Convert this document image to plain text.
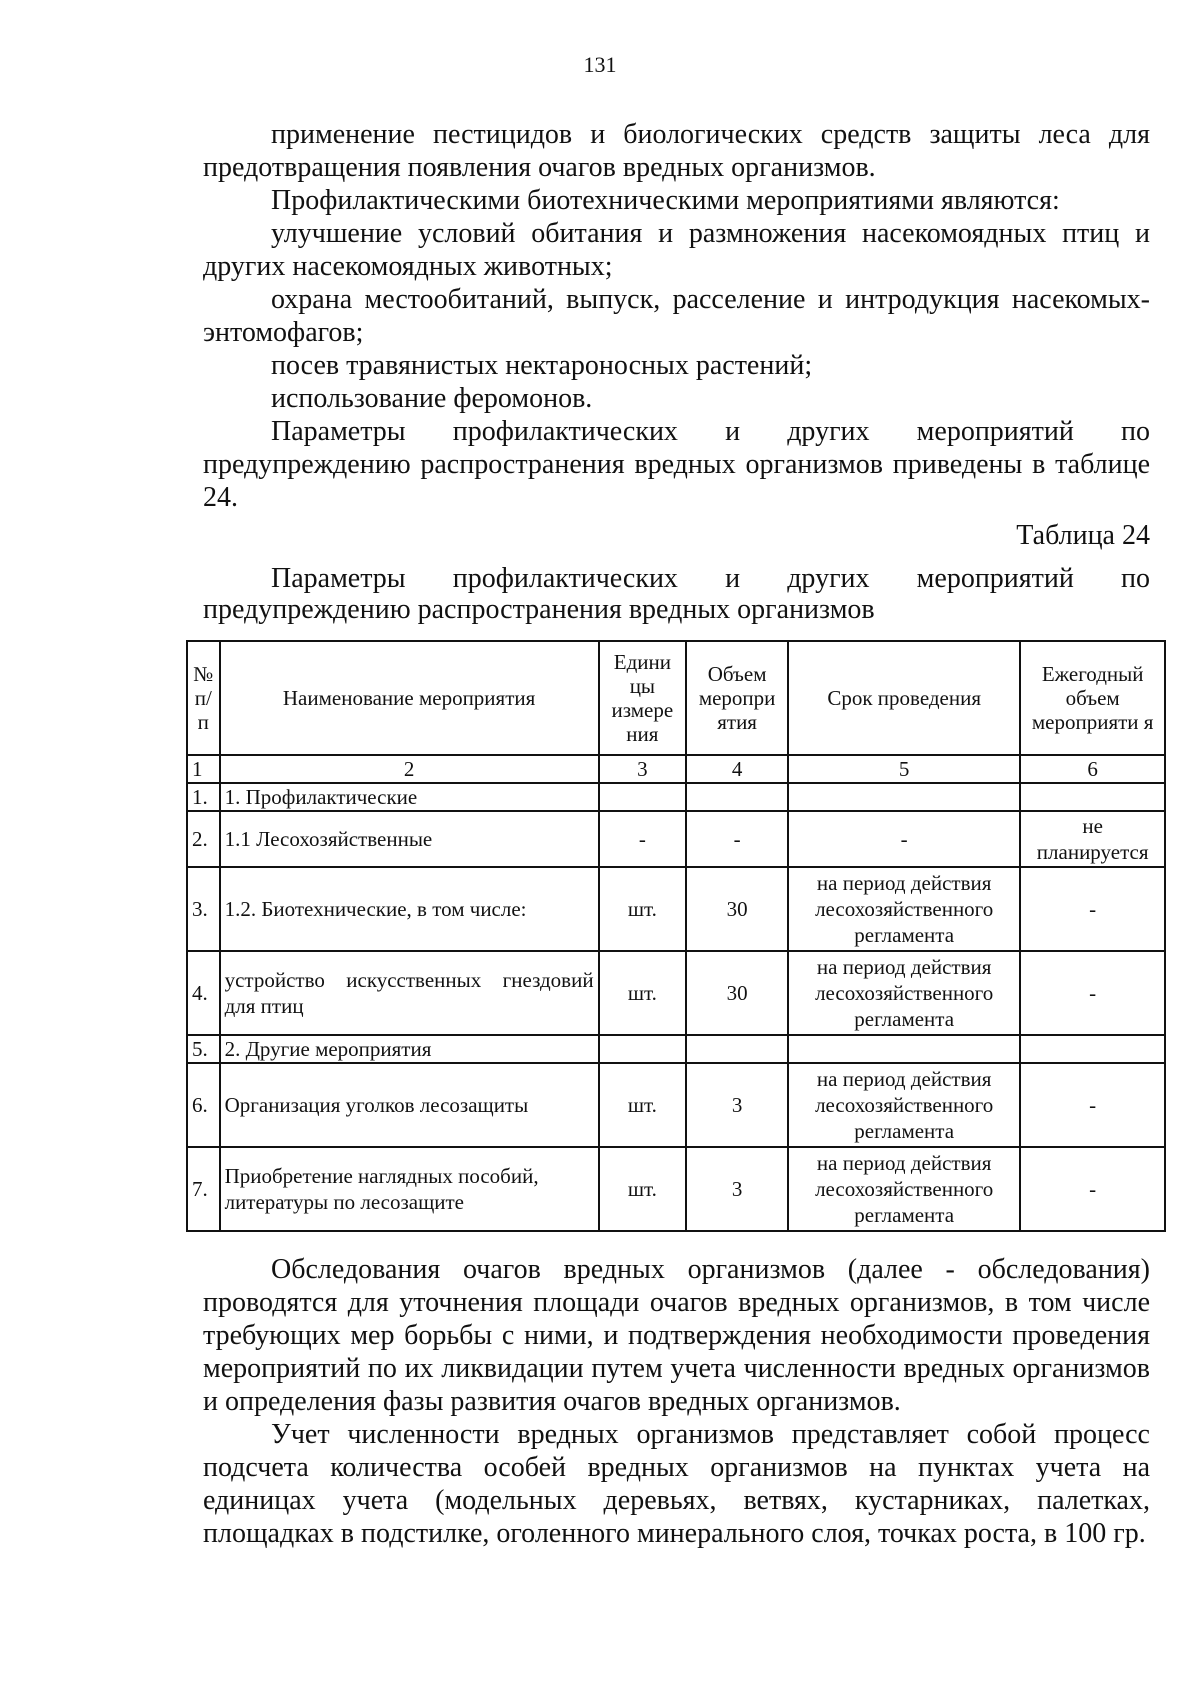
131

применение пестицидов и биологических средств защиты леса для предотвращения появления очагов вредных организмов.

Профилактическими биотехническими мероприятиями являются:

улучшение условий обитания и размножения насекомоядных птиц и других насекомоядных животных;

охрана местообитаний, выпуск, расселение и интродукция насекомых-энтомофагов;

посев травянистых нектароносных растений;

использование феромонов.

Параметры профилактических и других мероприятий по предупреждению распространения вредных организмов приведены в таблице 24.

Таблица 24

Параметры профилактических и других мероприятий по предупреждению распространения вредных организмов

№ п/п	Наименование мероприятия	Едини цы измере ния	Объем меропри ятия	Срок проведения	Ежегодный объем мероприяти я
1	2	3	4	5	6
1.	1. Профилактические				
2.	1.1 Лесохозяйственные	-	-	-	не планируется
3.	1.2. Биотехнические, в том числе:	шт.	30	на период действия лесохозяйственного регламента	-
4.	устройство искусственных гнездовий для птиц	шт.	30	на период действия лесохозяйственного регламента	-
5.	2. Другие мероприятия				
6.	Организация уголков лесозащиты	шт.	3	на период действия лесохозяйственного регламента	-
7.	Приобретение наглядных пособий, литературы по лесозащите	шт.	3	на период действия лесохозяйственного регламента	-

Обследования очагов вредных организмов (далее - обследования) проводятся для уточнения площади очагов вредных организмов, в том числе требующих мер борьбы с ними, и подтверждения необходимости проведения мероприятий по их ликвидации путем учета численности вредных организмов и определения фазы развития очагов вредных организмов.

Учет численности вредных организмов представляет собой процесс подсчета количества особей вредных организмов на пунктах учета на единицах учета (модельных деревьях, ветвях, кустарниках, палетках, площадках в подстилке, оголенного минерального слоя, точках роста, в 100 гр.
